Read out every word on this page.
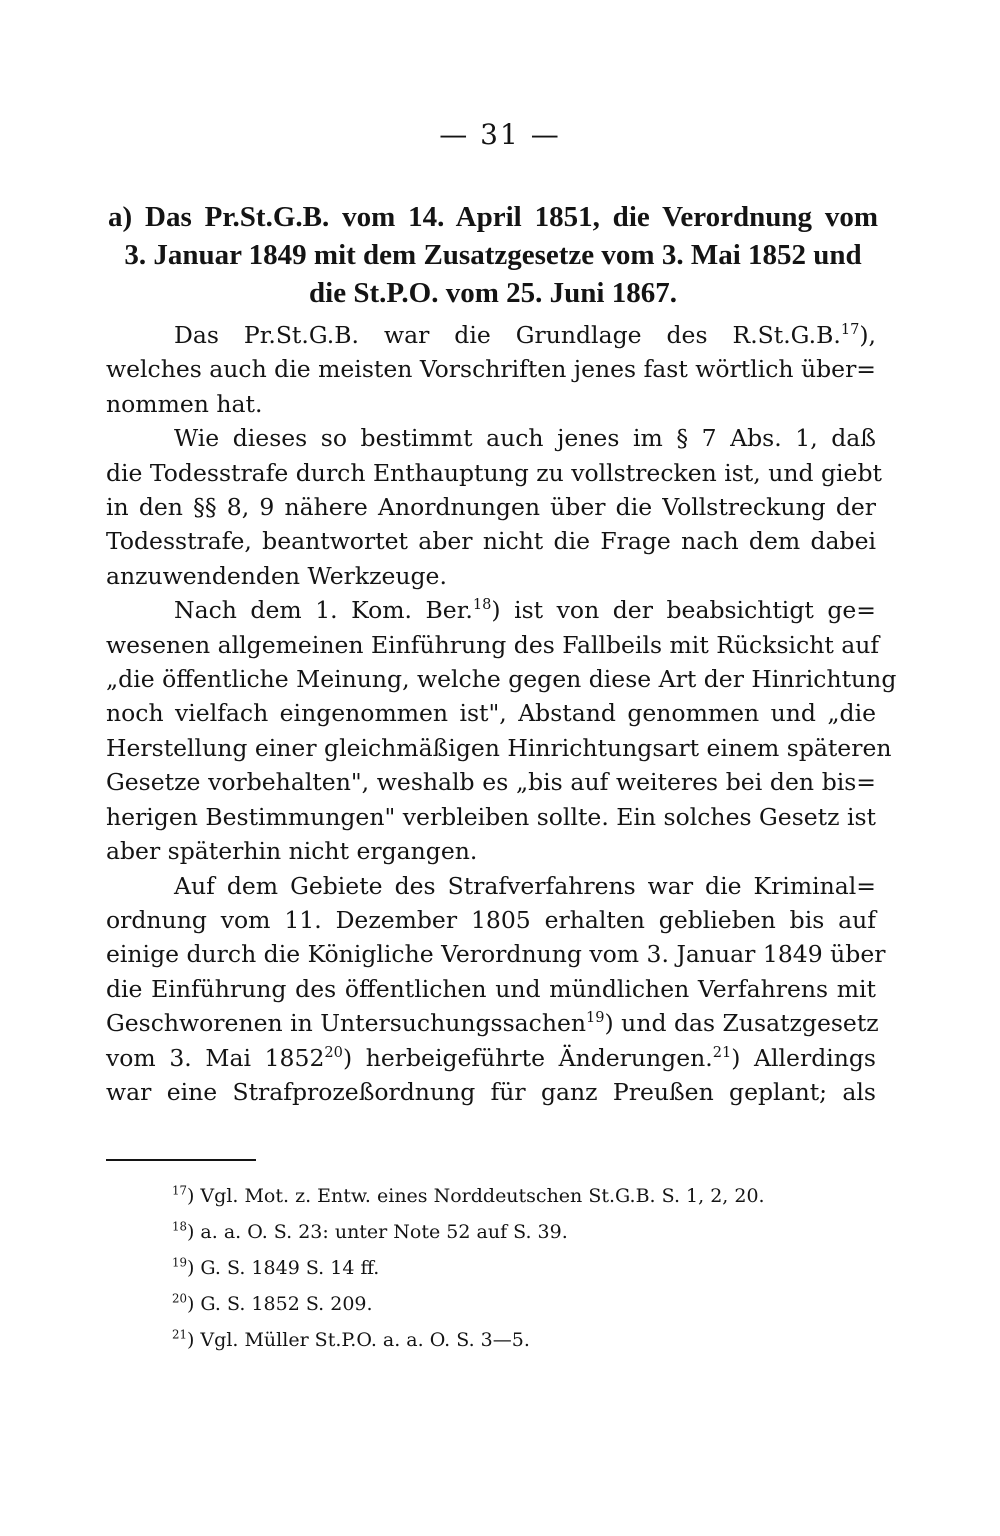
— 31 —
a) Das Pr.St.G.B. vom 14. April 1851, die Verordnung vom
3. Januar 1849 mit dem Zusatzgesetze vom 3. Mai 1852 und
die St.P.O. vom 25. Juni 1867.

Das Pr.St.G.B. war die Grundlage des R.St.G.B.$^{17}$),
welches auch die meisten Vorschriften jenes fast wörtlich über=
nommen hat.

Wie dieses so bestimmt auch jenes im § 7 Abs. 1, daß
die Todesstrafe durch Enthauptung zu vollstrecken ist, und giebt
in den §§ 8, 9 nähere Anordnungen über die Vollstreckung der
Todesstrafe, beantwortet aber nicht die Frage nach dem dabei
anzuwendenden Werkzeuge.

Nach dem 1. Kom. Ber.$^{18}$) ist von der beabsichtigt ge=
wesenen allgemeinen Einführung des Fallbeils mit Rücksicht auf
„die öffentliche Meinung, welche gegen diese Art der Hinrichtung
noch vielfach eingenommen ist", Abstand genommen und „die
Herstellung einer gleichmäßigen Hinrichtungsart einem späteren
Gesetze vorbehalten", weshalb es „bis auf weiteres bei den bis=
herigen Bestimmungen" verbleiben sollte. Ein solches Gesetz ist
aber späterhin nicht ergangen.

Auf dem Gebiete des Strafverfahrens war die Kriminal=
ordnung vom 11. Dezember 1805 erhalten geblieben bis auf
einige durch die Königliche Verordnung vom 3. Januar 1849 über
die Einführung des öffentlichen und mündlichen Verfahrens mit
Geschworenen in Untersuchungssachen$^{19}$) und das Zusatzgesetz
vom 3. Mai 1852$^{20}$) herbeigeführte Änderungen.$^{21}$) Allerdings
war eine Strafprozeßordnung für ganz Preußen geplant; als

$^{17}$) Vgl. Mot. z. Entw. eines Norddeutschen St.G.B. S. 1, 2, 20.
$^{18}$) a. a. O. S. 23: unter Note 52 auf S. 39.
$^{19}$) G. S. 1849 S. 14 ff.
$^{20}$) G. S. 1852 S. 209.
$^{21}$) Vgl. Müller St.P.O. a. a. O. S. 3—5.
